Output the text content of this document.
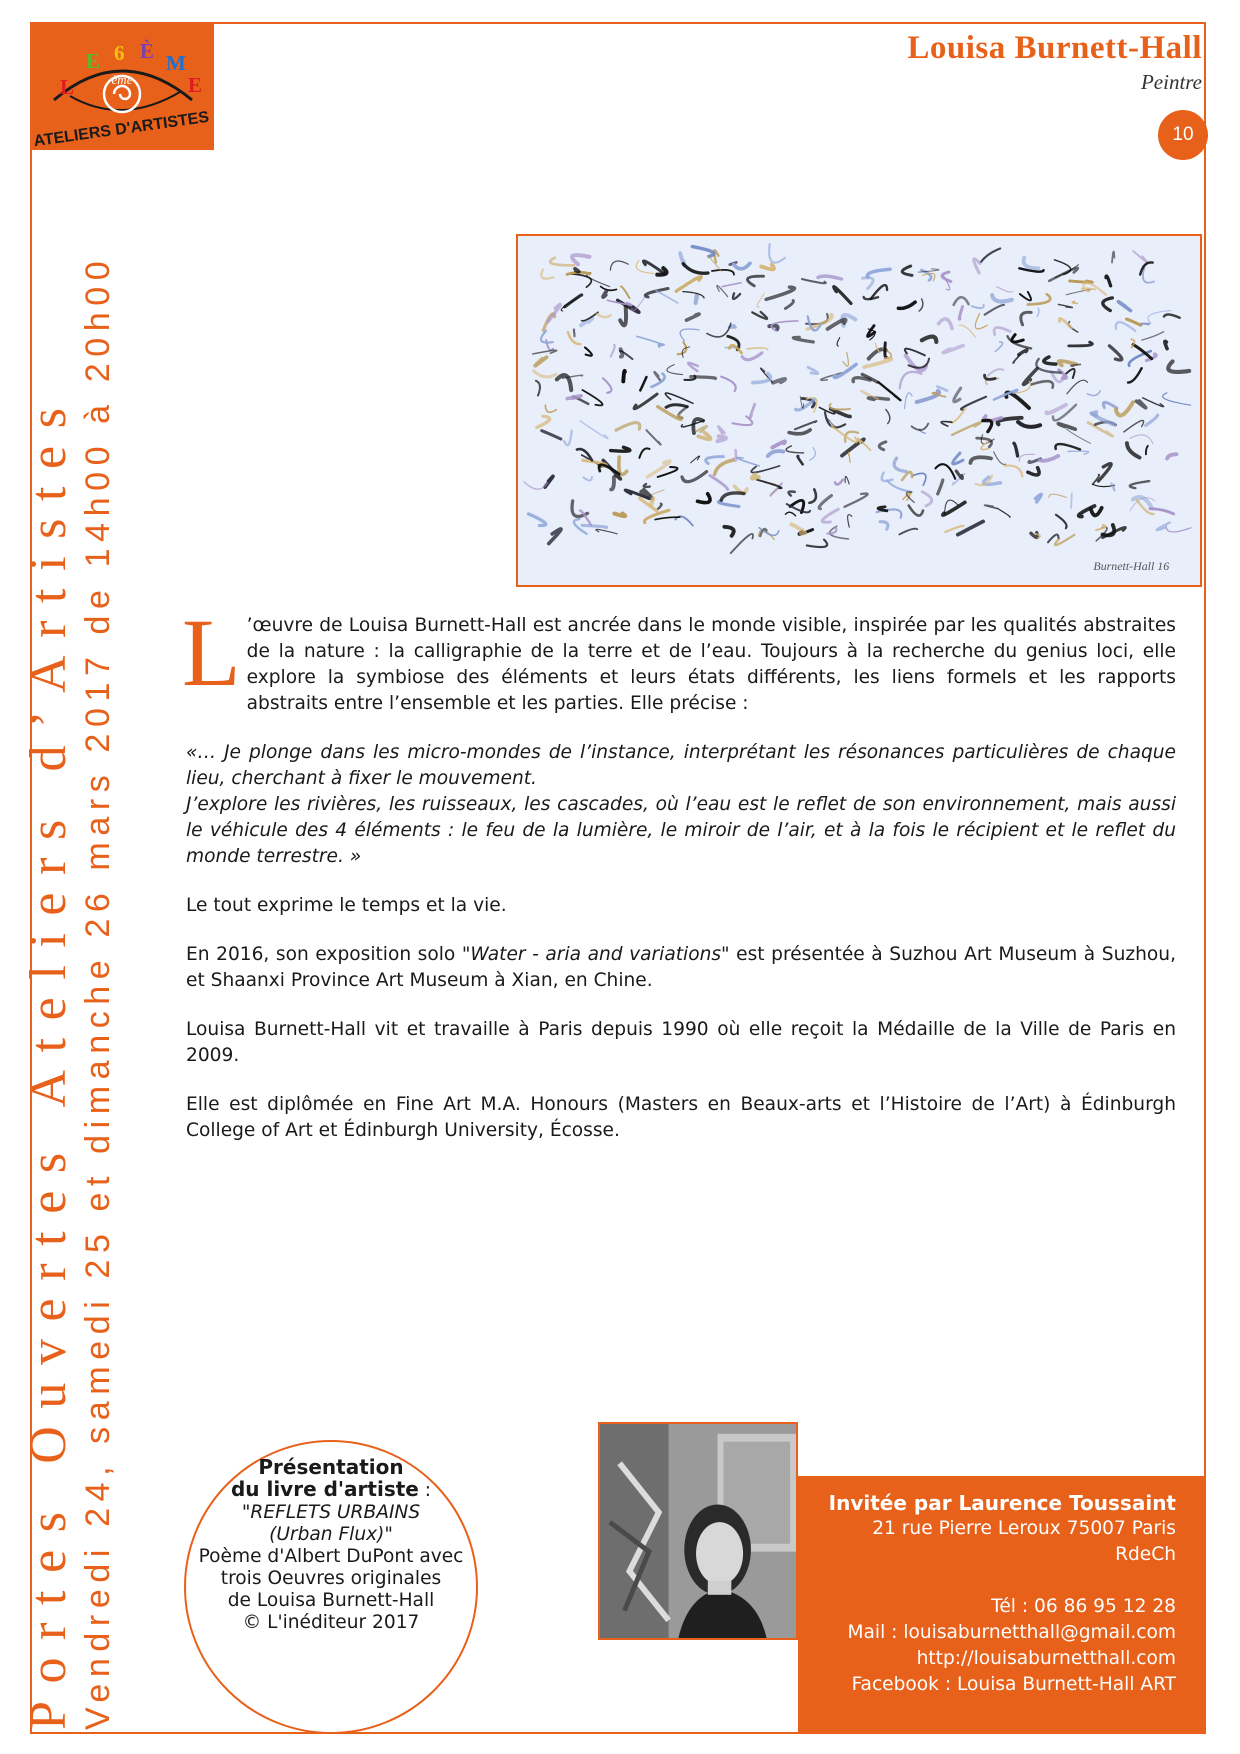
L
E 6 È M
E
ème
ATELIERS D'ARTISTES
Louisa Burnett-Hall
Peintre
10
Portes Ouvertes Ateliers d’Artistes Vendredi 24, samedi 25 et dimanche 26 mars 2017 de 14h00 à 20h00	Burnett-Hall 16

L ’œuvre de Louisa Burnett-Hall est ancrée dans le monde visible, inspirée par les qualités abstraites de la nature : la calligraphie de la terre et de l’eau. Toujours à la recherche du genius loci, elle explore la symbiose des éléments et leurs états différents, les liens formels et les rapports abstraits entre l’ensemble et les parties. Elle précise :

«… Je plonge dans les micro-mondes de l’instance, interprétant les résonances particulières de chaque lieu, cherchant à fixer le mouvement.
J’explore les rivières, les ruisseaux, les cascades, où l’eau est le reflet de son environnement, mais aussi le véhicule des 4 éléments : le feu de la lumière, le miroir de l’air, et à la fois le récipient et le reflet du monde terrestre. »

Le tout exprime le temps et la vie.

En 2016, son exposition solo "Water - aria and variations" est présentée à Suzhou Art Museum à Suzhou, et Shaanxi Province Art Museum à Xian, en Chine.

Louisa Burnett-Hall vit et travaille à Paris depuis 1990 où elle reçoit la Médaille de la Ville de Paris en 2009.

Elle est diplômée en Fine Art M.A. Honours (Masters en Beaux-arts et l’Histoire de l’Art) à Édinburgh College of Art et Édinburgh University, Écosse.

Présentation
du livre d'artiste :
"REFLETS URBAINS
(Urban Flux)"
Poème d'Albert DuPont avec
trois Oeuvres originales
de Louisa Burnett-Hall
© L'inéditeur 2017
Invitée par Laurence Toussaint
21 rue Pierre Leroux 75007 Paris
RdeCh
Tél : 06 86 95 12 28
Mail : louisaburnetthall@gmail.com
http://louisaburnetthall.com
Facebook : Louisa Burnett-Hall ART
